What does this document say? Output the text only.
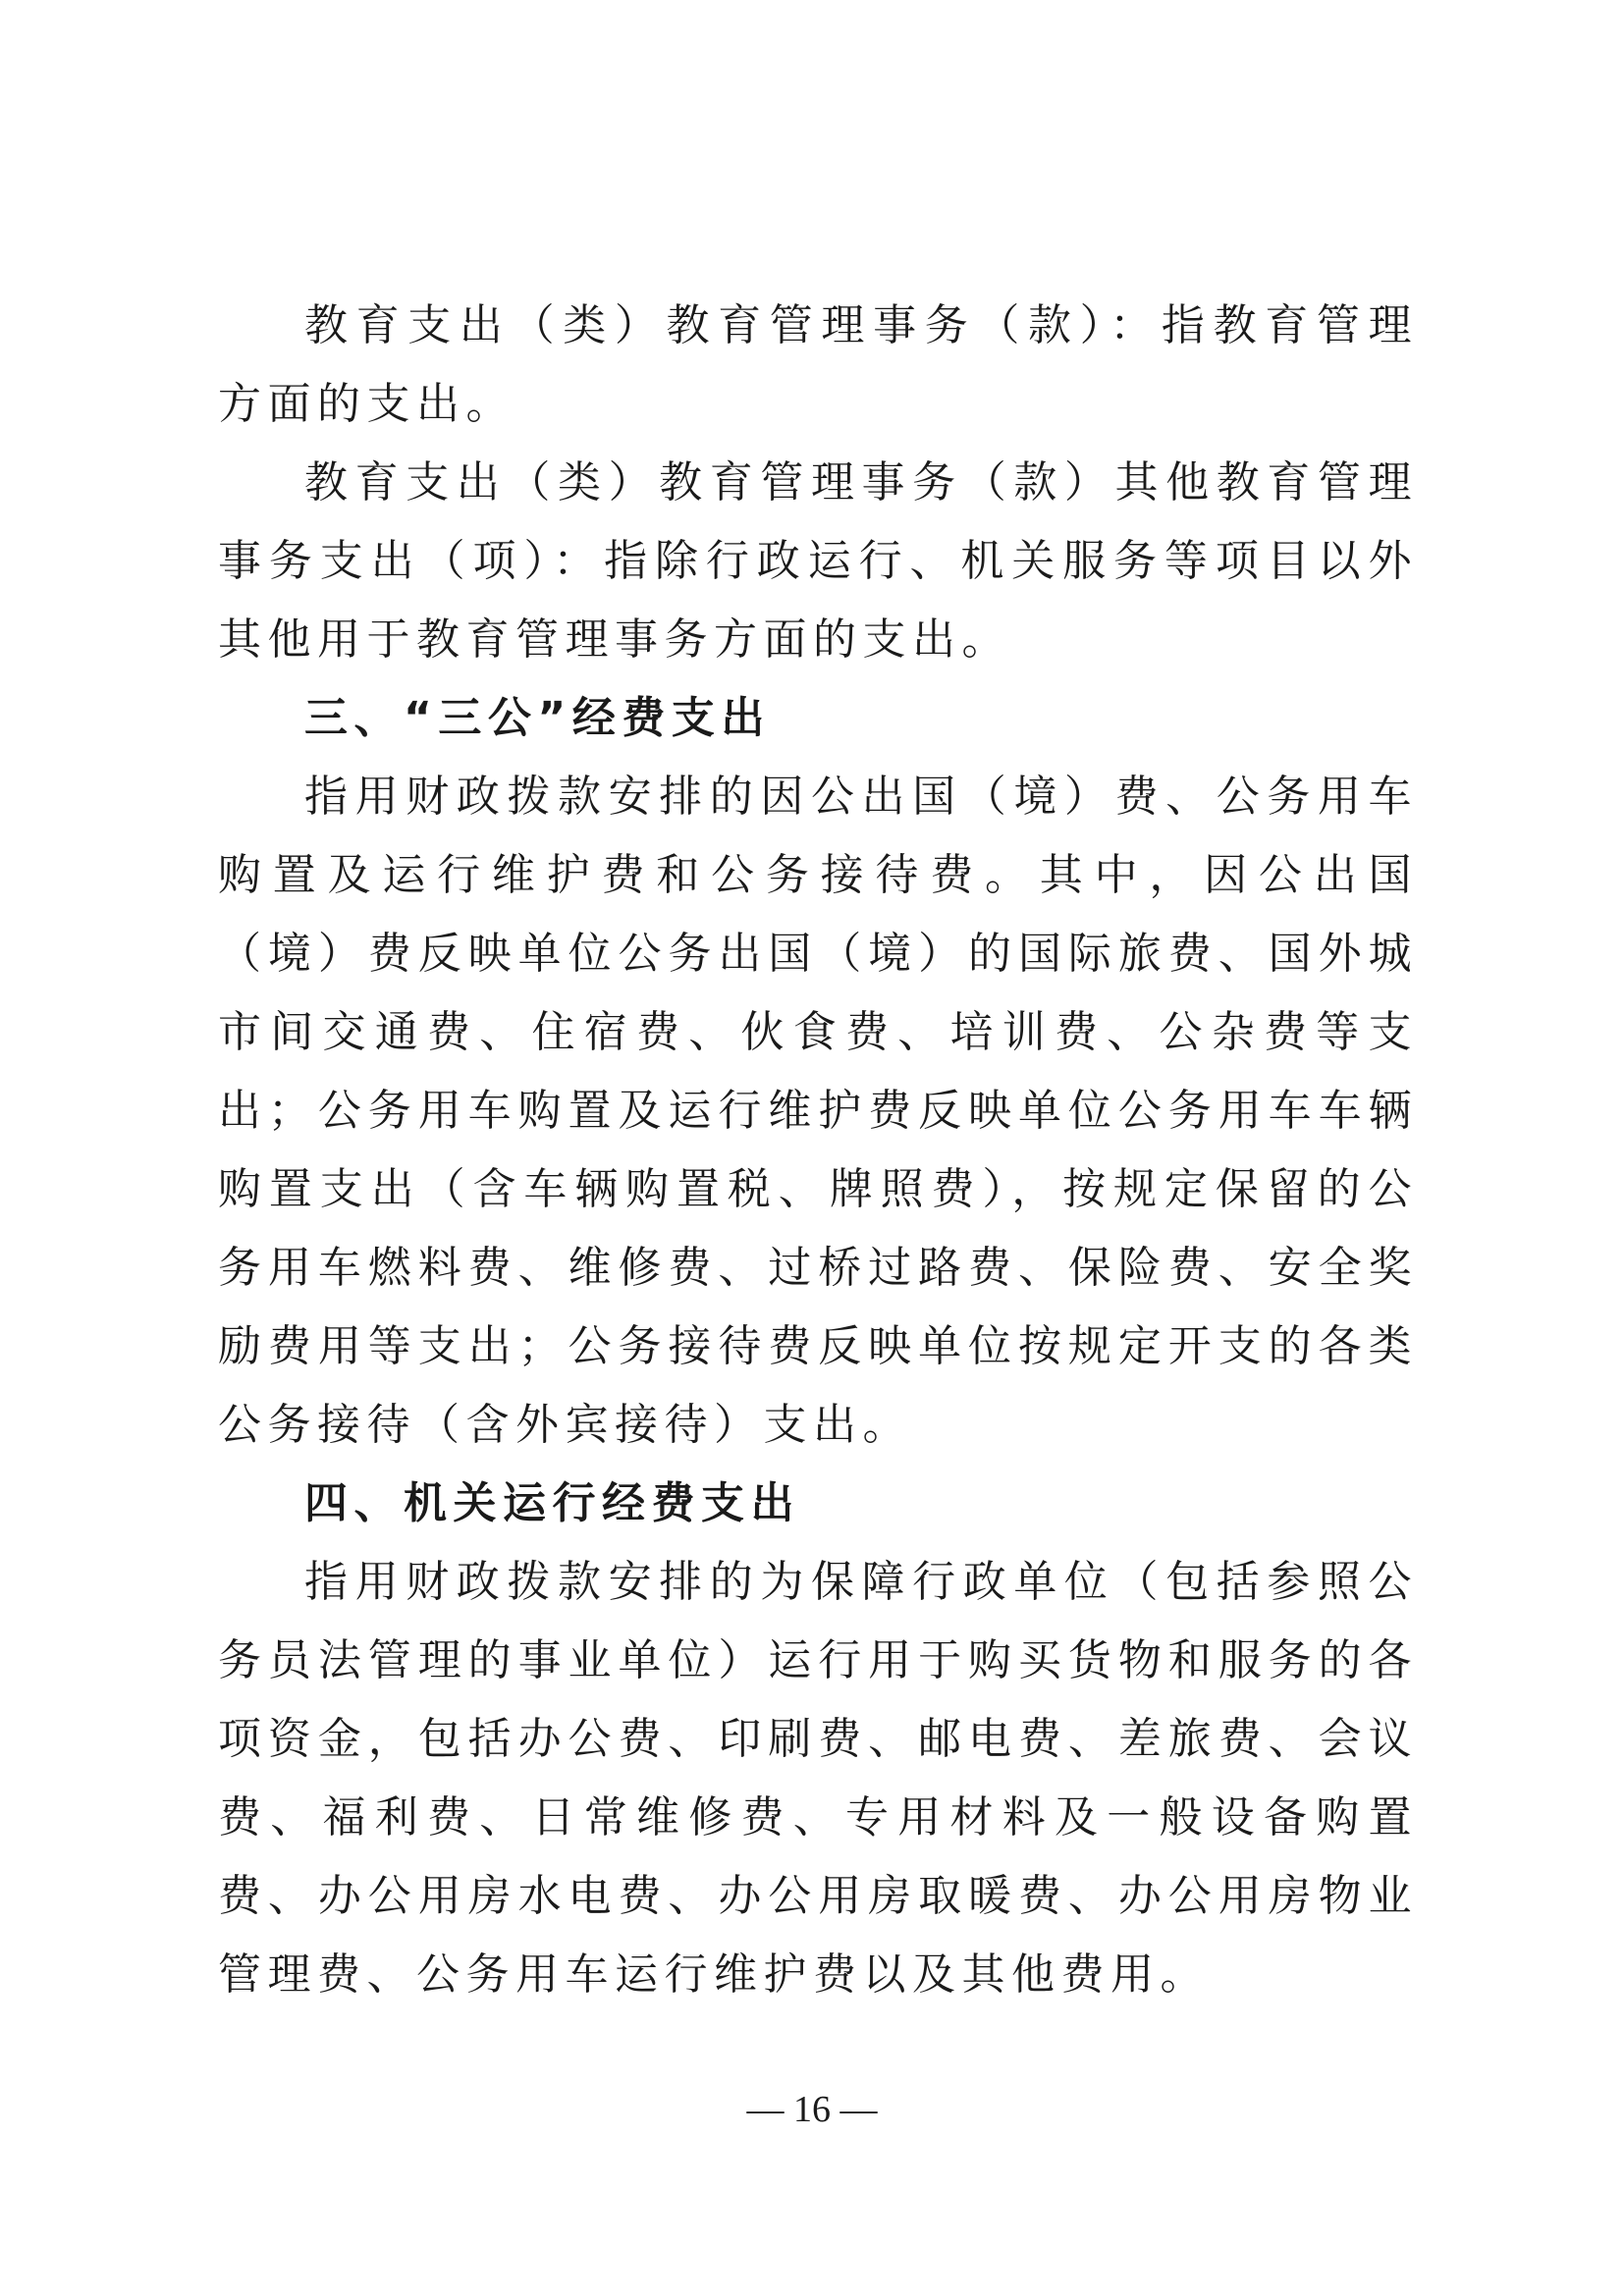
教育支出（类）教育管理事务（款）：指教育管理方面的支出。

教育支出（类）教育管理事务（款）其他教育管理事务支出（项）：指除行政运行、机关服务等项目以外其他用于教育管理事务方面的支出。

三、“三公”经费支出

指用财政拨款安排的因公出国（境）费、公务用车购置及运行维护费和公务接待费。其中，因公出国（境）费反映单位公务出国（境）的国际旅费、国外城市间交通费、住宿费、伙食费、培训费、公杂费等支出；公务用车购置及运行维护费反映单位公务用车车辆购置支出（含车辆购置税、牌照费），按规定保留的公务用车燃料费、维修费、过桥过路费、保险费、安全奖励费用等支出；公务接待费反映单位按规定开支的各类公务接待（含外宾接待）支出。

四、机关运行经费支出

指用财政拨款安排的为保障行政单位（包括参照公务员法管理的事业单位）运行用于购买货物和服务的各项资金，包括办公费、印刷费、邮电费、差旅费、会议费、福利费、日常维修费、专用材料及一般设备购置费、办公用房水电费、办公用房取暖费、办公用房物业管理费、公务用车运行维护费以及其他费用。

— 16 —
